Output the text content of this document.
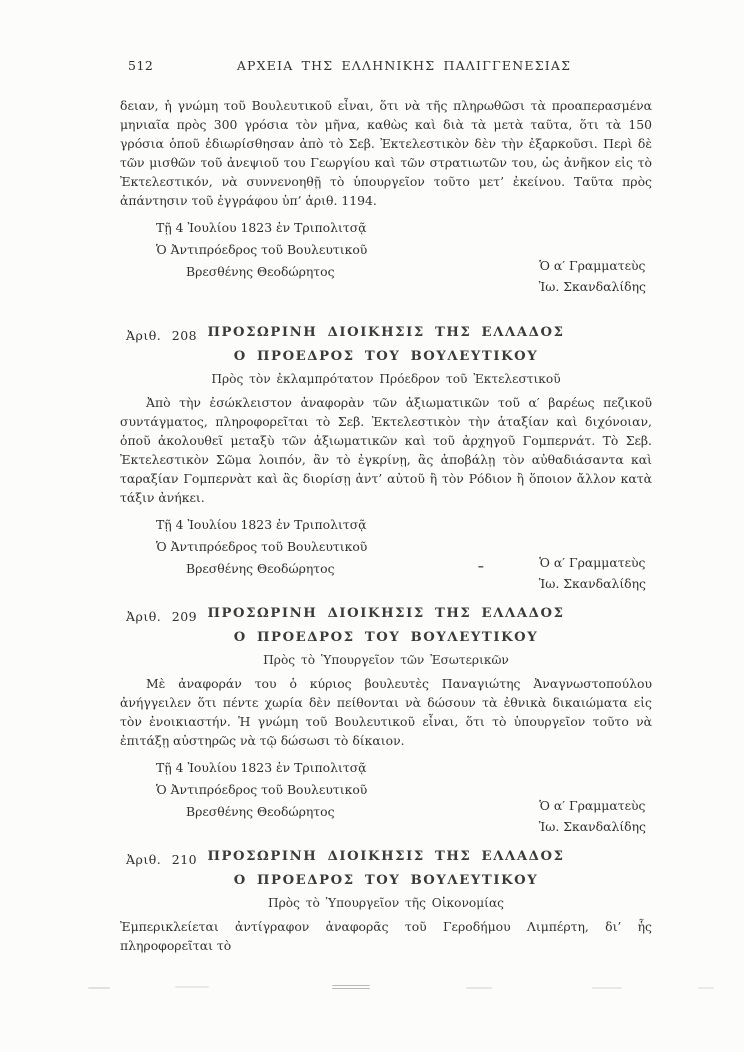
512	ΑΡΧΕΙΑ ΤΗΣ ΕΛΛΗΝΙΚΗΣ ΠΑΛΙΓΓΕΝΕΣΙΑΣ

δειαν, ἡ γνώμη τοῦ Βουλευτικοῦ εἶναι, ὅτι νὰ τῆς πληρωθῶσι τὰ προαπερασμένα μηνιαῖα πρὸς 300 γρόσια τὸν μῆνα, καθὼς καὶ διὰ τὰ μετὰ ταῦτα, ὅτι τὰ 150 γρόσια ὁποῦ ἐδιωρίσθησαν ἀπὸ τὸ Σεβ. Ἐκτελεστικὸν δὲν τὴν ἐξαρκοῦσι. Περὶ δὲ τῶν μισθῶν τοῦ ἀνεψιοῦ του Γεωργίου καὶ τῶν στρατιωτῶν του, ὡς ἀνῆκον εἰς τὸ Ἐκτελεστικόν, νὰ συννενοηθῇ τὸ ὑπουργεῖον τοῦτο μετ’ ἐκείνου. Ταῦτα πρὸς ἀπάντησιν τοῦ ἐγγράφου ὑπ’ ἀριθ. 1194.

Τῇ 4 Ἰουλίου 1823 ἐν Τριπολιτσᾷ
Ὁ Ἀντιπρόεδρος τοῦ Βουλευτικοῦ
Βρεσθένης Θεοδώρητος	Ὁ α′ Γραμματεὺς
Ἰω. Σκανδαλίδης
Ἀριθ. 208 ΠΡΟΣΩΡΙΝΗ ΔΙΟΙΚΗΣΙΣ ΤΗΣ ΕΛΛΑΔΟΣ
Ο ΠΡΟΕΔΡΟΣ ΤΟΥ ΒΟΥΛΕΥΤΙΚΟΥ
Πρὸς τὸν ἐκλαμπρότατον Πρόεδρον τοῦ Ἐκτελεστικοῦ

Ἀπὸ τὴν ἐσώκλειστον ἀναφορὰν τῶν ἀξιωματικῶν τοῦ α′ βαρέως πεζικοῦ συντάγματος, πληροφορεῖται τὸ Σεβ. Ἐκτελεστικὸν τὴν ἀταξίαν καὶ διχόνοιαν, ὁποῦ ἀκολουθεῖ μεταξὺ τῶν ἀξιωματικῶν καὶ τοῦ ἀρχηγοῦ Γομπερνάτ. Τὸ Σεβ. Ἐκτελεστικὸν Σῶμα λοιπόν, ἂν τὸ ἐγκρίνῃ, ἂς ἀποβάλῃ τὸν αὐθαδιάσαντα καὶ ταραξίαν Γομπερνὰτ καὶ ἂς διορίσῃ ἀντ’ αὐτοῦ ἢ τὸν Ρόδιον ἢ ὅποιον ἄλλον κατὰ τάξιν ἀνήκει.

Τῇ 4 Ἰουλίου 1823 ἐν Τριπολιτσᾷ
Ὁ Ἀντιπρόεδρος τοῦ Βουλευτικοῦ
Βρεσθένης Θεοδώρητος	–	Ὁ α′ Γραμματεὺς
Ἰω. Σκανδαλίδης
Ἀριθ. 209 ΠΡΟΣΩΡΙΝΗ ΔΙΟΙΚΗΣΙΣ ΤΗΣ ΕΛΛΑΔΟΣ
Ο ΠΡΟΕΔΡΟΣ ΤΟΥ ΒΟΥΛΕΥΤΙΚΟΥ
Πρὸς τὸ Ὑπουργεῖον τῶν Ἐσωτερικῶν

Μὲ ἀναφοράν του ὁ κύριος βουλευτὲς Παναγιώτης Ἀναγνωστοπούλου ἀνήγγειλεν ὅτι πέντε χωρία δὲν πείθονται νὰ δώσουν τὰ ἐθνικὰ δικαιώματα εἰς τὸν ἐνοικιαστήν. Ἡ γνώμη τοῦ Βουλευτικοῦ εἶναι, ὅτι τὸ ὑπουργεῖον τοῦτο νὰ ἐπιτάξῃ αὐστηρῶς νὰ τῷ δώσωσι τὸ δίκαιον.

Τῇ 4 Ἰουλίου 1823 ἐν Τριπολιτσᾷ
Ὁ Ἀντιπρόεδρος τοῦ Βουλευτικοῦ
Βρεσθένης Θεοδώρητος	Ὁ α′ Γραμματεὺς
Ἰω. Σκανδαλίδης
Ἀριθ. 210 ΠΡΟΣΩΡΙΝΗ ΔΙΟΙΚΗΣΙΣ ΤΗΣ ΕΛΛΑΔΟΣ
Ο ΠΡΟΕΔΡΟΣ ΤΟΥ ΒΟΥΛΕΥΤΙΚΟΥ
Πρὸς τὸ Ὑπουργεῖον τῆς Οἰκονομίας

Ἐμπερικλείεται ἀντίγραφον ἀναφορᾶς τοῦ Γεροδήμου Λιμπέρτη, δι’ ἧς πληροφορεῖται τὸ
